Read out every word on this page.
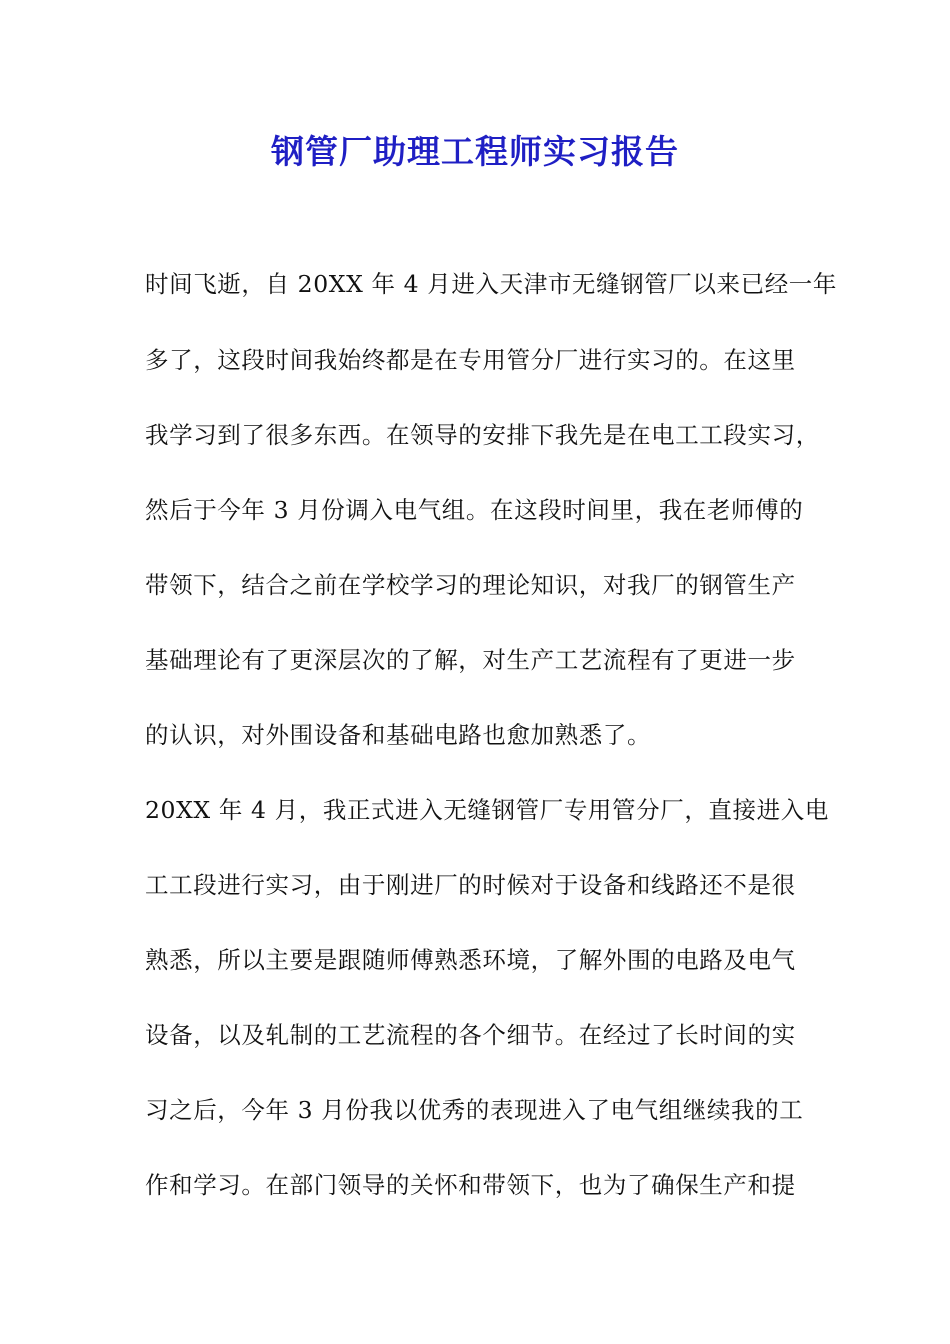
钢管厂助理工程师实习报告

时间飞逝，自 20XX 年 4 月进入天津市无缝钢管厂以来已经一年

多了，这段时间我始终都是在专用管分厂进行实习的。在这里

我学习到了很多东西。在领导的安排下我先是在电工工段实习，

然后于今年 3 月份调入电气组。在这段时间里，我在老师傅的

带领下，结合之前在学校学习的理论知识，对我厂的钢管生产

基础理论有了更深层次的了解，对生产工艺流程有了更进一步

的认识，对外围设备和基础电路也愈加熟悉了。

20XX 年 4 月，我正式进入无缝钢管厂专用管分厂，直接进入电

工工段进行实习，由于刚进厂的时候对于设备和线路还不是很

熟悉，所以主要是跟随师傅熟悉环境，了解外围的电路及电气

设备，以及轧制的工艺流程的各个细节。在经过了长时间的实

习之后，今年 3 月份我以优秀的表现进入了电气组继续我的工

作和学习。在部门领导的关怀和带领下，也为了确保生产和提
